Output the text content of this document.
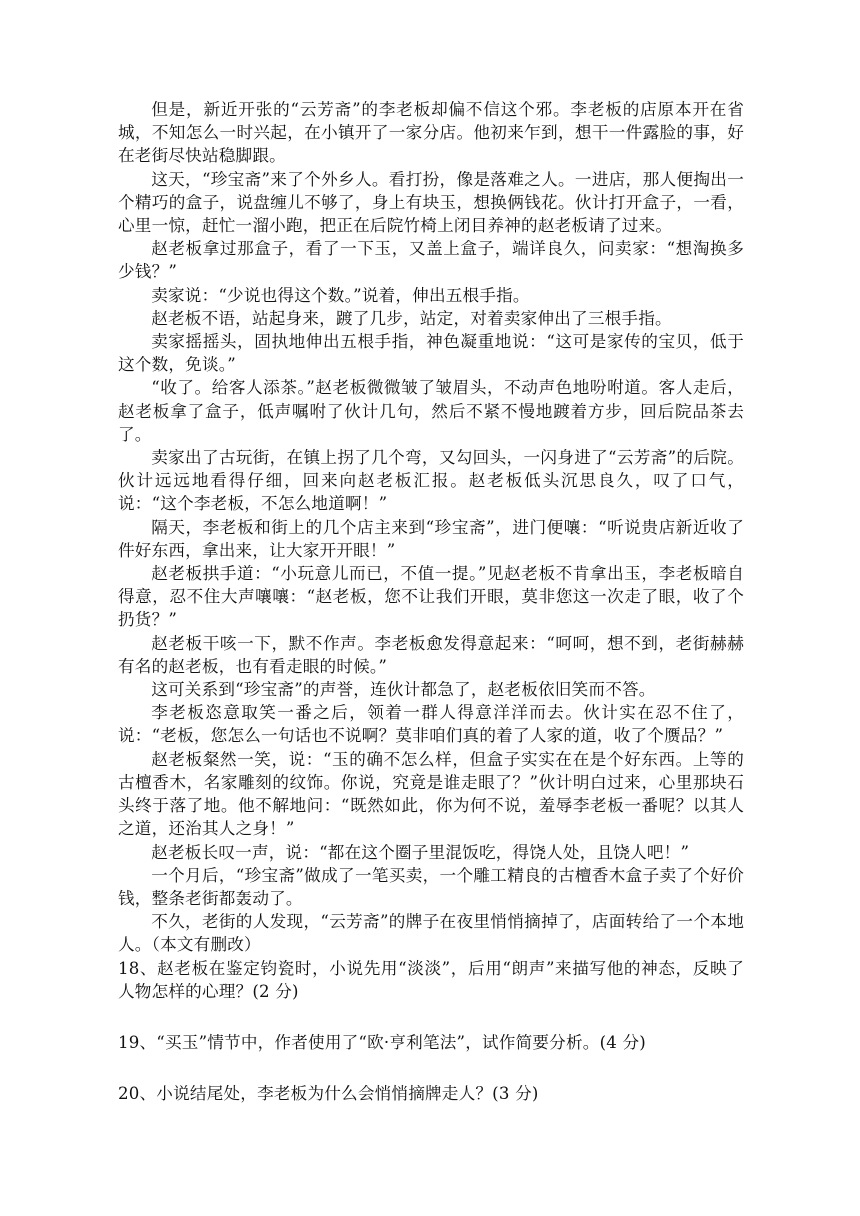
但是，新近开张的“云芳斋”的李老板却偏不信这个邪。李老板的店原本开在省城，不知怎么一时兴起，在小镇开了一家分店。他初来乍到，想干一件露脸的事，好在老街尽快站稳脚跟。

这天，“珍宝斋”来了个外乡人。看打扮，像是落难之人。一进店，那人便掏出一个精巧的盒子，说盘缠儿不够了，身上有块玉，想换俩钱花。伙计打开盒子，一看，心里一惊，赶忙一溜小跑，把正在后院竹椅上闭目养神的赵老板请了过来。

赵老板拿过那盒子，看了一下玉，又盖上盒子，端详良久，问卖家：“想淘换多少钱？”

卖家说：“少说也得这个数。”说着，伸出五根手指。

赵老板不语，站起身来，踱了几步，站定，对着卖家伸出了三根手指。

卖家摇摇头，固执地伸出五根手指，神色凝重地说：“这可是家传的宝贝，低于这个数，免谈。”

“收了。给客人添茶。”赵老板微微皱了皱眉头，不动声色地吩咐道。客人走后，赵老板拿了盒子，低声嘱咐了伙计几句，然后不紧不慢地踱着方步，回后院品茶去了。

卖家出了古玩街，在镇上拐了几个弯，又勾回头，一闪身进了“云芳斋”的后院。伙计远远地看得仔细，回来向赵老板汇报。赵老板低头沉思良久，叹了口气，说：“这个李老板，不怎么地道啊！”

隔天，李老板和街上的几个店主来到“珍宝斋”，进门便嚷：“听说贵店新近收了件好东西，拿出来，让大家开开眼！”

赵老板拱手道：“小玩意儿而已，不值一提。”见赵老板不肯拿出玉，李老板暗自得意，忍不住大声嚷嚷：“赵老板，您不让我们开眼，莫非您这一次走了眼，收了个扔货？”

赵老板干咳一下，默不作声。李老板愈发得意起来：“呵呵，想不到，老街赫赫有名的赵老板，也有看走眼的时候。”

这可关系到“珍宝斋”的声誉，连伙计都急了，赵老板依旧笑而不答。

李老板恣意取笑一番之后，领着一群人得意洋洋而去。伙计实在忍不住了，说：“老板，您怎么一句话也不说啊？莫非咱们真的着了人家的道，收了个赝品？”

赵老板粲然一笑，说：“玉的确不怎么样，但盒子实实在在是个好东西。上等的古檀香木，名家雕刻的纹饰。你说，究竟是谁走眼了？”伙计明白过来，心里那块石头终于落了地。他不解地问：“既然如此，你为何不说，羞辱李老板一番呢？以其人之道，还治其人之身！”

赵老板长叹一声，说：“都在这个圈子里混饭吃，得饶人处，且饶人吧！”

一个月后，“珍宝斋”做成了一笔买卖，一个雕工精良的古檀香木盒子卖了个好价钱，整条老街都轰动了。

不久，老街的人发现，“云芳斋”的牌子在夜里悄悄摘掉了，店面转给了一个本地人。（本文有删改）

18、赵老板在鉴定钧瓷时，小说先用“淡淡”，后用“朗声”来描写他的神态，反映了人物怎样的心理？(2 分)

19、“买玉”情节中，作者使用了“欧·亨利笔法”，试作简要分析。(4 分)

20、小说结尾处，李老板为什么会悄悄摘牌走人？(3 分)
